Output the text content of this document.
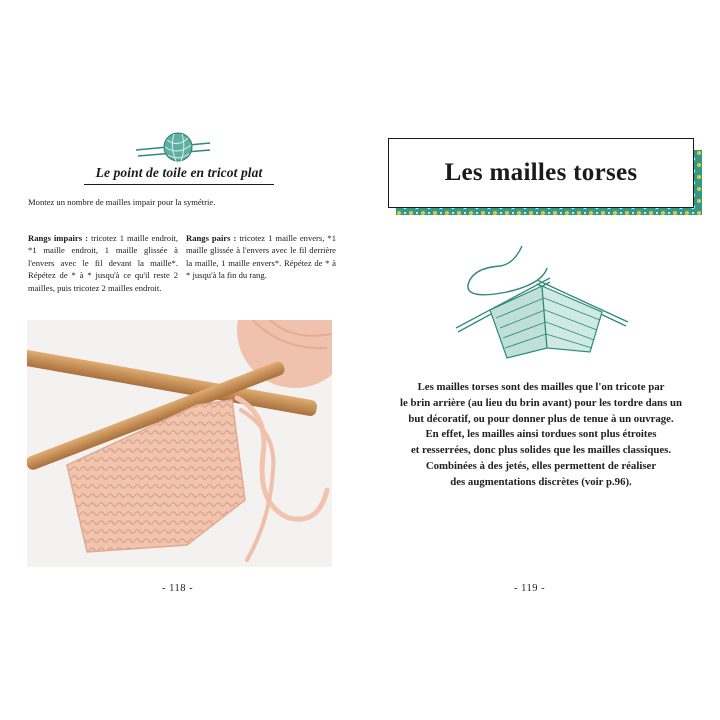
Le point de toile en tricot plat
Montez un nombre de mailles impair pour la symétrie.
Rangs impairs : tricotez 1 maille endroit, *1 maille endroit, 1 maille glissée à l'envers avec le fil devant la maille*. Répétez de * à * jusqu'à ce qu'il reste 2 mailles, puis tricotez 2 mailles endroit.
Rangs pairs : tricotez 1 maille envers, *1 maille glissée à l'envers avec le fil derrière la maille, 1 maille envers*. Répétez de * à * jusqu'à la fin du rang.
- 118 -
Les mailles torses
Les mailles torses sont des mailles que l'on tricote par
le brin arrière (au lieu du brin avant) pour les tordre dans un
but décoratif, ou pour donner plus de tenue à un ouvrage.
En effet, les mailles ainsi tordues sont plus étroites
et resserrées, donc plus solides que les mailles classiques.
Combinées à des jetés, elles permettent de réaliser
des augmentations discrètes (voir p.96).
- 119 -
